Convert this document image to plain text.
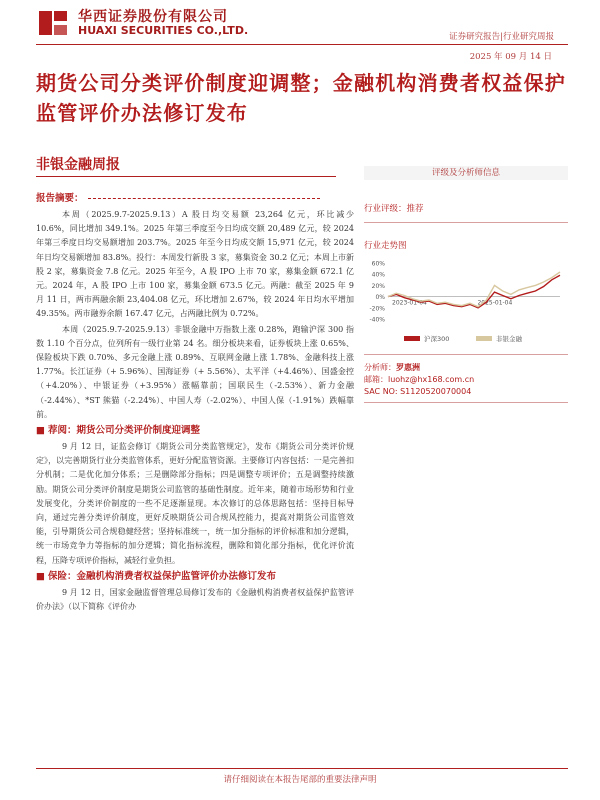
华西证券股份有限公司
HUAXI SECURITIES CO.,LTD.	证券研究报告|行业研究周报
2025 年 09 月 14 日
期货公司分类评价制度迎调整；金融机构消费者权益保护监管评价办法修订发布
非银金融周报
报告摘要：

本周（2025.9.7-2025.9.13）A 股日均交易额 23,264 亿元，环比减少 10.6%，同比增加 349.1%。2025 年第三季度至今日均成交额 20,489 亿元，较 2024 年第三季度日均交易额增加 203.7%。2025 年至今日均成交额 15,971 亿元，较 2024 年日均交易额增加 83.8%。投行：本周发行新股 3 家，募集资金 30.2 亿元；本周上市新股 2 家，募集资金 7.8 亿元。2025 年至今，A 股 IPO 上市 70 家，募集金额 672.1 亿元。2024 年，A 股 IPO 上市 100 家，募集金额 673.5 亿元。两融：截至 2025 年 9 月 11 日，两市两融余额 23,404.08 亿元，环比增加 2.67%，较 2024 年日均水平增加 49.35%。两市融券余额 167.47 亿元，占两融比例为 0.72%。

本周（2025.9.7-2025.9.13）非银金融中万指数上涨 0.28%，跑输沪深 300 指数 1.10 个百分点，位列所有一级行业第 24 名。细分板块来看，证券板块上涨 0.65%、保险板块下跌 0.70%、多元金融上涨 0.89%、互联网金融上涨 1.78%、金融科技上涨 1.77%。长江证券（+ 5.96%）、国海证券（+ 5.56%）、太平洋（+4.46%）、国盛金控（+4.20%）、中银证券（+3.95%）涨幅靠前；国联民生（-2.53%）、新力金融（-2.44%）、*ST 熊猫（-2.24%）、中国人寿（-2.02%）、中国人保（-1.91%）跌幅靠前。

■ 荐阅：期货公司分类评价制度迎调整

9 月 12 日，证监会修订《期货公司分类监管规定》，发布《期货公司分类评价规定》，以完善期货行业分类监管体系，更好分配监管资源。主要修订内容包括：一是完善扣分机制；二是优化加分体系；三是删除部分指标；四是调整专项评价；五是调整持续激励。期货公司分类评价制度是期货公司监管的基础性制度。近年来，随着市场形势和行业发展变化，分类评价制度的一些不足逐渐显现。本次修订的总体思路包括：坚持目标导向，通过完善分类评价制度，更好反映期货公司合规风控能力，提高对期货公司监管效能，引导期货公司合规稳健经营；坚持标准统一，统一加分指标的评价标准和加分逻辑，统一市场竞争力等指标的加分逻辑；简化指标流程，删除和简化部分指标，优化评价流程，压降专项评价指标，减轻行业负担。

■ 保险：金融机构消费者权益保护监管评价办法修订发布

9 月 12 日，国家金融监督管理总局修订发布的《金融机构消费者权益保护监管评价办法》（以下简称《评价办

评级及分析师信息
行业评级：推荐
行业走势图
60%
40%
20%
0%
-20%
-40%
2023-01-04	2025-01-04
沪深300	非银金融
分析师：罗惠洲
邮箱：luohz@hx168.com.cn
SAC NO: S1120520070004
请仔细阅读在本报告尾部的重要法律声明
